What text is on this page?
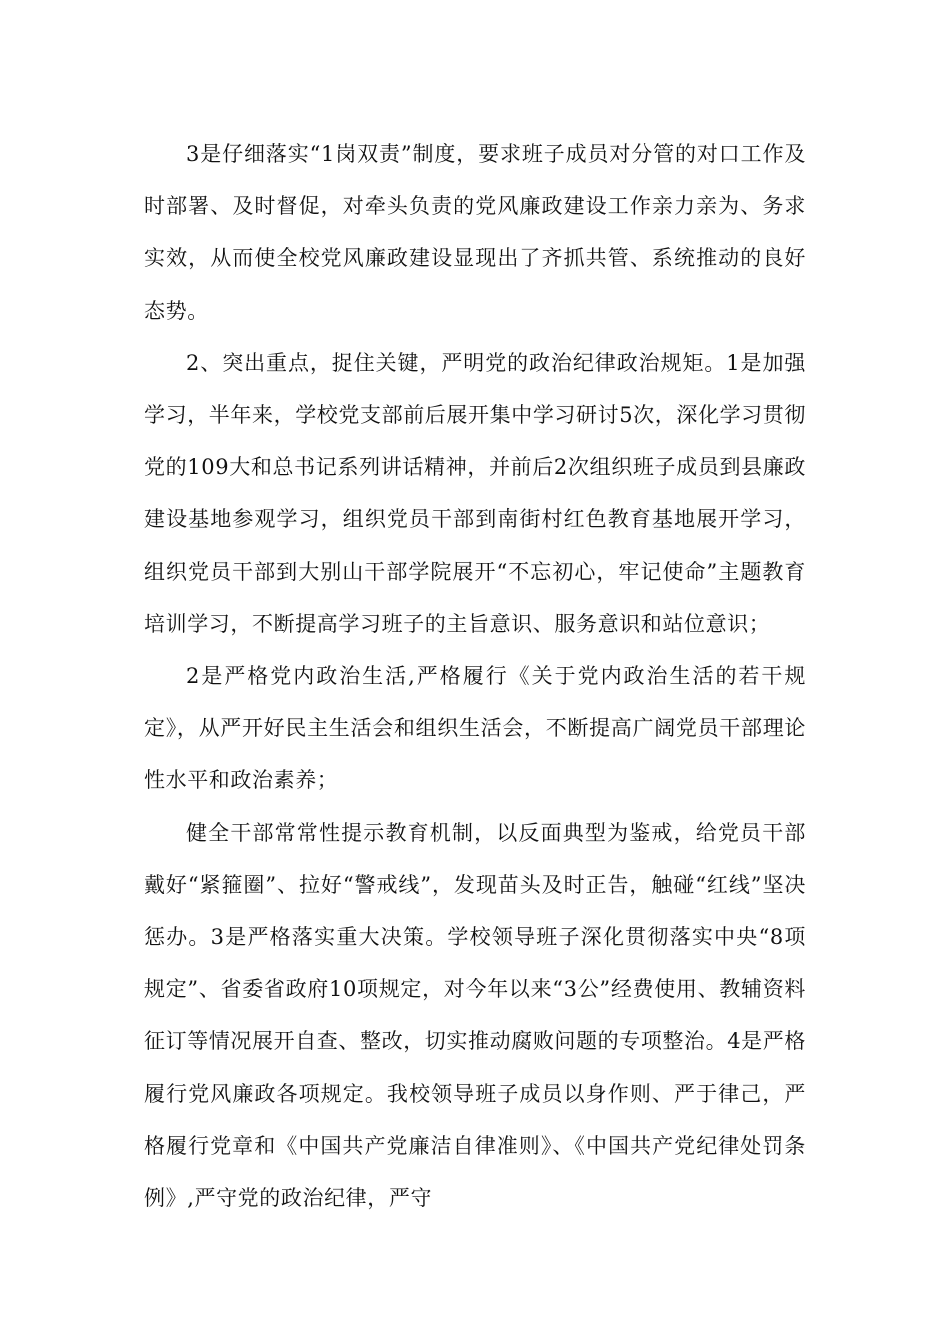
3是仔细落实“1岗双责”制度，要求班子成员对分管的对口工作及时部署、及时督促，对牵头负责的党风廉政建设工作亲力亲为、务求实效，从而使全校党风廉政建设显现出了齐抓共管、系统推动的良好态势。

2、突出重点，捉住关键，严明党的政治纪律政治规矩。1是加强学习，半年来，学校党支部前后展开集中学习研讨5次，深化学习贯彻党的109大和总书记系列讲话精神，并前后2次组织班子成员到县廉政建设基地参观学习，组织党员干部到南街村红色教育基地展开学习，组织党员干部到大别山干部学院展开“不忘初心，牢记使命”主题教育培训学习，不断提高学习班子的主旨意识、服务意识和站位意识；

2是严格党内政治生活,严格履行《关于党内政治生活的若干规定》，从严开好民主生活会和组织生活会，不断提高广阔党员干部理论性水平和政治素养；

健全干部常常性提示教育机制，以反面典型为鉴戒，给党员干部戴好“紧箍圈”、拉好“警戒线”，发现苗头及时正告，触碰“红线”坚决惩办。3是严格落实重大决策。学校领导班子深化贯彻落实中央“8项规定”、省委省政府10项规定，对今年以来“3公”经费使用、教辅资料征订等情况展开自查、整改，切实推动腐败问题的专项整治。4是严格履行党风廉政各项规定。我校领导班子成员以身作则、严于律己，严格履行党章和《中国共产党廉洁自律准则》、《中国共产党纪律处罚条例》,严守党的政治纪律，严守
